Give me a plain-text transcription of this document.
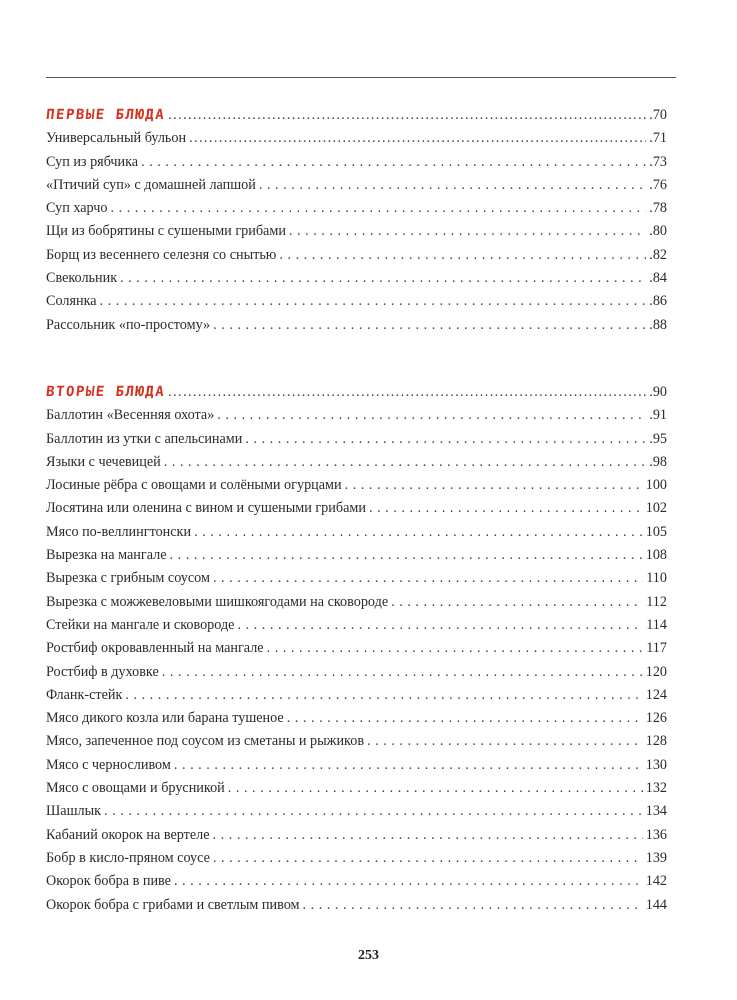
ПЕРВЫЕ БЛЮДА .....	.70
Универсальный бульон .....	.71
Суп из рябчика . . .	.73
«Птичий суп» с домашней лапшой . . .	.76
Суп харчо . . .	.78
Щи из бобрятины с сушеными грибами . . .	.80
Борщ из весеннего селезня со снытью . . .	.82
Свекольник . . .	.84
Солянка . . .	.86
Рассольник «по-простому» . . .	.88
ВТОРЫЕ БЛЮДА .....	.90
Баллотин «Весенняя охота» . . .	.91
Баллотин из утки с апельсинами . . .	.95
Языки с чечевицей . . .	.98
Лосиные рёбра с овощами и солёными огурцами . . .	100
Лосятина или оленина с вином и сушеными грибами . . .	102
Мясо по-веллингтонски . . .	105
Вырезка на мангале . . .	108
Вырезка с грибным соусом . . .	110
Вырезка с можжевеловыми шишкоягодами на сковороде . . .	112
Стейки на мангале и сковороде . . .	114
Ростбиф окровавленный на мангале . . .	117
Ростбиф в духовке . . .	120
Фланк-стейк . . .	124
Мясо дикого козла или барана тушеное . . .	126
Мясо, запеченное под соусом из сметаны и рыжиков . . .	128
Мясо с черносливом . . .	130
Мясо с овощами и брусникой . . .	132
Шашлык . . .	134
Кабаний окорок на вертеле . . .	136
Бобр в кисло-пряном соусе . . .	139
Окорок бобра в пиве . . .	142
Окорок бобра с грибами и светлым пивом . . .	144
253
